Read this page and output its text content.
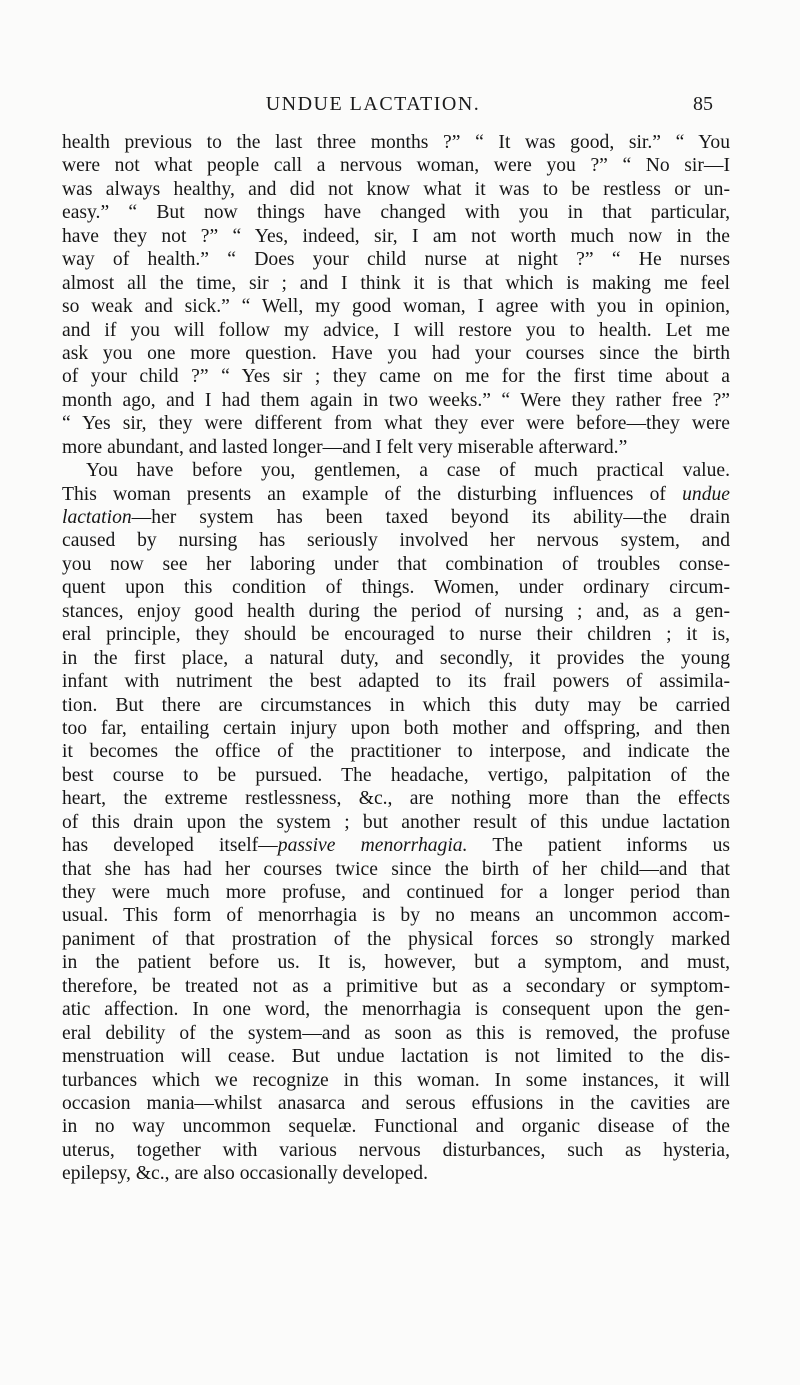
UNDUE LACTATION.	85
health previous to the last three months ?” “ It was good, sir.” “ You
were not what people call a nervous woman, were you ?” “ No sir—I
was always healthy, and did not know what it was to be restless or un-
easy.” “ But now things have changed with you in that particular,
have they not ?” “ Yes, indeed, sir, I am not worth much now in the
way of health.” “ Does your child nurse at night ?” “ He nurses
almost all the time, sir ; and I think it is that which is making me feel
so weak and sick.” “ Well, my good woman, I agree with you in opinion,
and if you will follow my advice, I will restore you to health. Let me
ask you one more question. Have you had your courses since the birth
of your child ?” “ Yes sir ; they came on me for the first time about a
month ago, and I had them again in two weeks.” “ Were they rather free ?”
“ Yes sir, they were different from what they ever were before—they were
more abundant, and lasted longer—and I felt very miserable afterward.”
You have before you, gentlemen, a case of much practical value.
This woman presents an example of the disturbing influences of undue
lactation—her system has been taxed beyond its ability—the drain
caused by nursing has seriously involved her nervous system, and
you now see her laboring under that combination of troubles conse-
quent upon this condition of things. Women, under ordinary circum-
stances, enjoy good health during the period of nursing ; and, as a gen-
eral principle, they should be encouraged to nurse their children ; it is,
in the first place, a natural duty, and secondly, it provides the young
infant with nutriment the best adapted to its frail powers of assimila-
tion. But there are circumstances in which this duty may be carried
too far, entailing certain injury upon both mother and offspring, and then
it becomes the office of the practitioner to interpose, and indicate the
best course to be pursued. The headache, vertigo, palpitation of the
heart, the extreme restlessness, &c., are nothing more than the effects
of this drain upon the system ; but another result of this undue lactation
has developed itself—passive menorrhagia. The patient informs us
that she has had her courses twice since the birth of her child—and that
they were much more profuse, and continued for a longer period than
usual. This form of menorrhagia is by no means an uncommon accom-
paniment of that prostration of the physical forces so strongly marked
in the patient before us. It is, however, but a symptom, and must,
therefore, be treated not as a primitive but as a secondary or symptom-
atic affection. In one word, the menorrhagia is consequent upon the gen-
eral debility of the system—and as soon as this is removed, the profuse
menstruation will cease. But undue lactation is not limited to the dis-
turbances which we recognize in this woman. In some instances, it will
occasion mania—whilst anasarca and serous effusions in the cavities are
in no way uncommon sequelæ. Functional and organic disease of the
uterus, together with various nervous disturbances, such as hysteria,
epilepsy, &c., are also occasionally developed.
